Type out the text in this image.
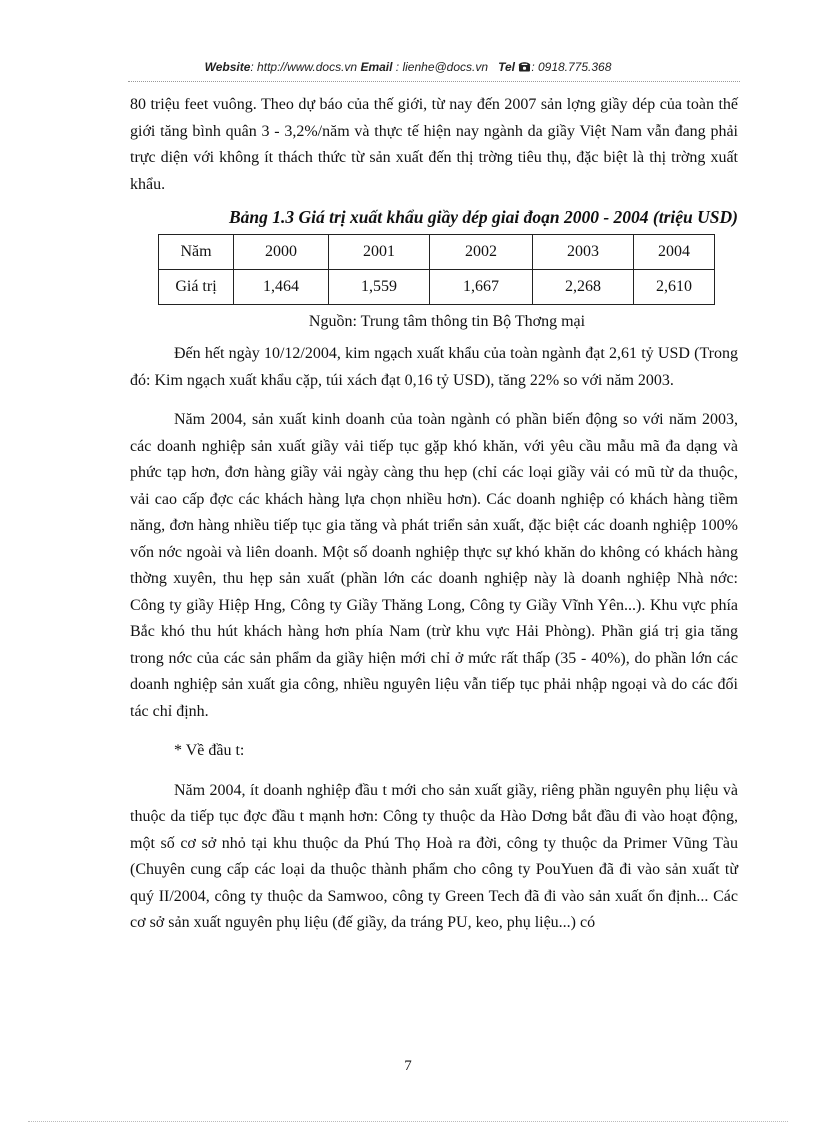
Website: http://www.docs.vn Email : lienhe@docs.vn Tel : 0918.775.368

80 triệu feet vuông. Theo dự báo của thế giới, từ nay đến 2007 sản lợng giầy dép của toàn thế giới tăng bình quân 3 - 3,2%/năm và thực tế hiện nay ngành da giầy Việt Nam vẫn đang phải trực diện với không ít thách thức từ sản xuất đến thị trờng tiêu thụ, đặc biệt là thị trờng xuất khẩu.

Bảng 1.3 Giá trị xuất khẩu giầy dép giai đoạn 2000 - 2004 (triệu USD)
Năm	2000	2001	2002	2003	2004
Giá trị	1,464	1,559	1,667	2,268	2,610
Nguồn: Trung tâm thông tin Bộ Thơng mại

Đến hết ngày 10/12/2004, kim ngạch xuất khẩu của toàn ngành đạt 2,61 tỷ USD (Trong đó: Kim ngạch xuất khẩu cặp, túi xách đạt 0,16 tỷ USD), tăng 22% so với năm 2003.

Năm 2004, sản xuất kinh doanh của toàn ngành có phần biến động so với năm 2003, các doanh nghiệp sản xuất giầy vải tiếp tục gặp khó khăn, với yêu cầu mẫu mã đa dạng và phức tạp hơn, đơn hàng giầy vải ngày càng thu hẹp (chỉ các loại giầy vải có mũ từ da thuộc, vải cao cấp đợc các khách hàng lựa chọn nhiều hơn). Các doanh nghiệp có khách hàng tiềm năng, đơn hàng nhiều tiếp tục gia tăng và phát triển sản xuất, đặc biệt các doanh nghiệp 100% vốn nớc ngoài và liên doanh. Một số doanh nghiệp thực sự khó khăn do không có khách hàng thờng xuyên, thu hẹp sản xuất (phần lớn các doanh nghiệp này là doanh nghiệp Nhà nớc: Công ty giầy Hiệp Hng, Công ty Giầy Thăng Long, Công ty Giầy Vĩnh Yên...). Khu vực phía Bắc khó thu hút khách hàng hơn phía Nam (trừ khu vực Hải Phòng). Phần giá trị gia tăng trong nớc của các sản phẩm da giầy hiện mới chỉ ở mức rất thấp (35 - 40%), do phần lớn các doanh nghiệp sản xuất gia công, nhiều nguyên liệu vẫn tiếp tục phải nhập ngoại và do các đối tác chỉ định.

* Về đầu t:

Năm 2004, ít doanh nghiệp đầu t mới cho sản xuất giầy, riêng phần nguyên phụ liệu và thuộc da tiếp tục đợc đầu t mạnh hơn: Công ty thuộc da Hào Dơng bắt đầu đi vào hoạt động, một số cơ sở nhỏ tại khu thuộc da Phú Thọ Hoà ra đời, công ty thuộc da Primer Vũng Tàu (Chuyên cung cấp các loại da thuộc thành phẩm cho công ty PouYuen đã đi vào sản xuất từ quý II/2004, công ty thuộc da Samwoo, công ty Green Tech đã đi vào sản xuất ổn định... Các cơ sở sản xuất nguyên phụ liệu (đế giầy, da tráng PU, keo, phụ liệu...) có

7
